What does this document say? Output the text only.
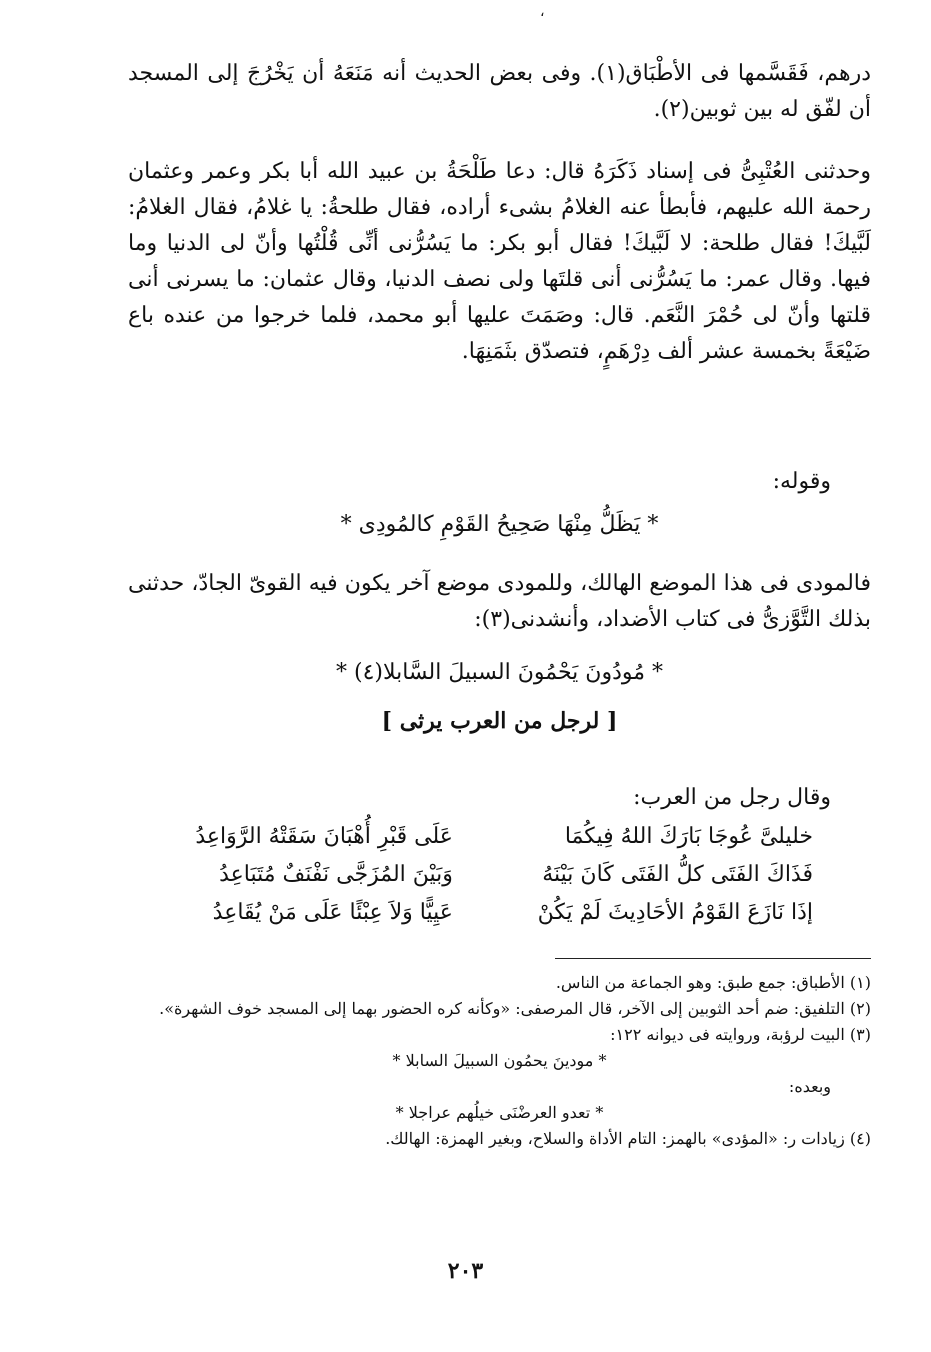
،

درهم، فَقَسَّمها فى الأطْبَاق(١). وفى بعض الحديث أنه مَنَعَهُ أن يَخْرُجَ إلى المسجد أن لفّق له بين ثوبين(٢).

وحدثنى العُتْبِىُّ فى إسناد ذَكَرَهُ قال: دعا طَلْحَةُ بن عبيد الله أبا بكر وعمر وعثمان رحمة الله عليهم، فأبطأ عنه الغلامُ بشىء أراده، فقال طلحةُ: يا غلامُ، فقال الغلامُ: لَبَّيكَ! فقال طلحة: لا لَبَّيكَ! فقال أبو بكر: ما يَسُرُّنى أنِّى قُلْتُها وأنّ لى الدنيا وما فيها. وقال عمر: ما يَسُرُّنى أنى قلتَها ولى نصف الدنيا، وقال عثمان: ما يسرنى أنى قلتها وأنّ لى حُمْرَ النَّعَم. قال: وصَمَتَ عليها أبو محمد، فلما خرجوا من عنده باع ضَيْعَةً بخمسة عشر ألف دِرْهَمٍ، فتصدّق بثَمَنِهَا.

وقوله:

* يَظَلُّ مِنْهَا صَحِيحُ القَوْمِ كالمُودِى *

فالمودى فى هذا الموضع الهالك، وللمودى موضع آخر يكون فيه القوىّ الجادّ، حدثنى بذلك التَّوَّزىُّ فى كتاب الأضداد، وأنشدنى(٣):

* مُودُونَ يَحْمُونَ السبيلَ السَّابلا(٤) *
[ لرجل من العرب يرثى ]

وقال رجل من العرب:

خليلىَّ عُوجَا بَارَكَ اللهُ فِيكُمَا
عَلَى قَبْرِ أُهْبَانَ سَقَتْهُ الرَّوَاعِدُ
فَذَاكَ الفَتَى كلُّ الفَتَى كَانَ بَيْنَهُ
وَبَيْنَ المُزَجَّى نَفْنَفٌ مُتَبَاعِدُ
إذَا نَازَعَ القَوْمُ الأحَادِيثَ لَمْ يَكُنْ
عَيِيًّا وَلاَ عِبْئًا عَلَى مَنْ يُقَاعِدُ

(١) الأطباق: جمع طبق: وهو الجماعة من الناس.

(٢) التلفيق: ضم أحد الثوبين إلى الآخر، قال المرصفى: «وكأنه كره الحضور بهما إلى المسجد خوف الشهرة».

(٣) البيت لرؤبة، وروايته فى ديوانه ١٢٢:

* مودينَ يحمُون السبيلَ السابلا *

وبعده:

* تعدو العرضْنَى خيلُهم عراجلا *

(٤) زيادات ر: «المؤدى» بالهمز: التام الأداة والسلاح، وبغير الهمزة: الهالك.

٢٠٣
